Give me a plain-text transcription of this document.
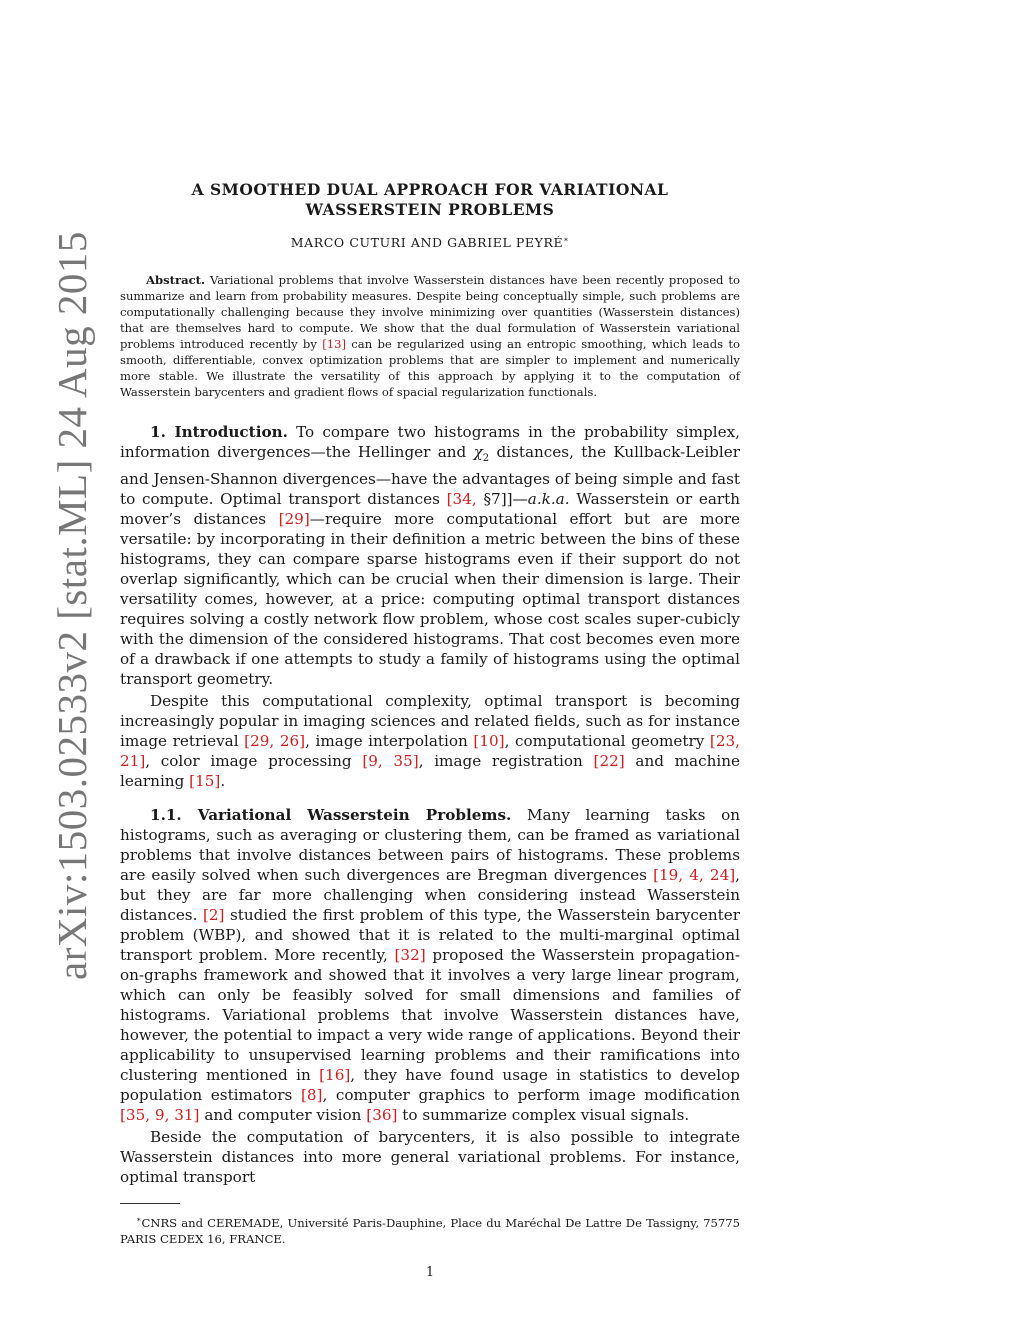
arXiv:1503.02533v2 [stat.ML] 24 Aug 2015
A SMOOTHED DUAL APPROACH FOR VARIATIONAL
WASSERSTEIN PROBLEMS
MARCO CUTURI AND GABRIEL PEYRÉ∗
Abstract. Variational problems that involve Wasserstein distances have been recently proposed to summarize and learn from probability measures. Despite being conceptually simple, such problems are computationally challenging because they involve minimizing over quantities (Wasserstein distances) that are themselves hard to compute. We show that the dual formulation of Wasserstein variational problems introduced recently by [13] can be regularized using an entropic smoothing, which leads to smooth, differentiable, convex optimization problems that are simpler to implement and numerically more stable. We illustrate the versatility of this approach by applying it to the computation of Wasserstein barycenters and gradient flows of spacial regularization functionals.
1. Introduction. To compare two histograms in the probability simplex, information divergences—the Hellinger and $\chi_2$ distances, the Kullback-Leibler and Jensen-Shannon divergences—have the advantages of being simple and fast to compute. Optimal transport distances [34, §7]]—a.k.a. Wasserstein or earth mover’s distances [29]—require more computational effort but are more versatile: by incorporating in their definition a metric between the bins of these histograms, they can compare sparse histograms even if their support do not overlap significantly, which can be crucial when their dimension is large. Their versatility comes, however, at a price: computing optimal transport distances requires solving a costly network flow problem, whose cost scales super-cubicly with the dimension of the considered histograms. That cost becomes even more of a drawback if one attempts to study a family of histograms using the optimal transport geometry.
Despite this computational complexity, optimal transport is becoming increasingly popular in imaging sciences and related fields, such as for instance image retrieval [29, 26], image interpolation [10], computational geometry [23, 21], color image processing [9, 35], image registration [22] and machine learning [15].
1.1. Variational Wasserstein Problems. Many learning tasks on histograms, such as averaging or clustering them, can be framed as variational problems that involve distances between pairs of histograms. These problems are easily solved when such divergences are Bregman divergences [19, 4, 24], but they are far more challenging when considering instead Wasserstein distances. [2] studied the first problem of this type, the Wasserstein barycenter problem (WBP), and showed that it is related to the multi-marginal optimal transport problem. More recently, [32] proposed the Wasserstein propagation-on-graphs framework and showed that it involves a very large linear program, which can only be feasibly solved for small dimensions and families of histograms. Variational problems that involve Wasserstein distances have, however, the potential to impact a very wide range of applications. Beyond their applicability to unsupervised learning problems and their ramifications into clustering mentioned in [16], they have found usage in statistics to develop population estimators [8], computer graphics to perform image modification [35, 9, 31] and computer vision [36] to summarize complex visual signals.
Beside the computation of barycenters, it is also possible to integrate Wasserstein distances into more general variational problems. For instance, optimal transport
∗CNRS and CEREMADE, Université Paris-Dauphine, Place du Maréchal De Lattre De Tassigny, 75775 PARIS CEDEX 16, FRANCE.
1
